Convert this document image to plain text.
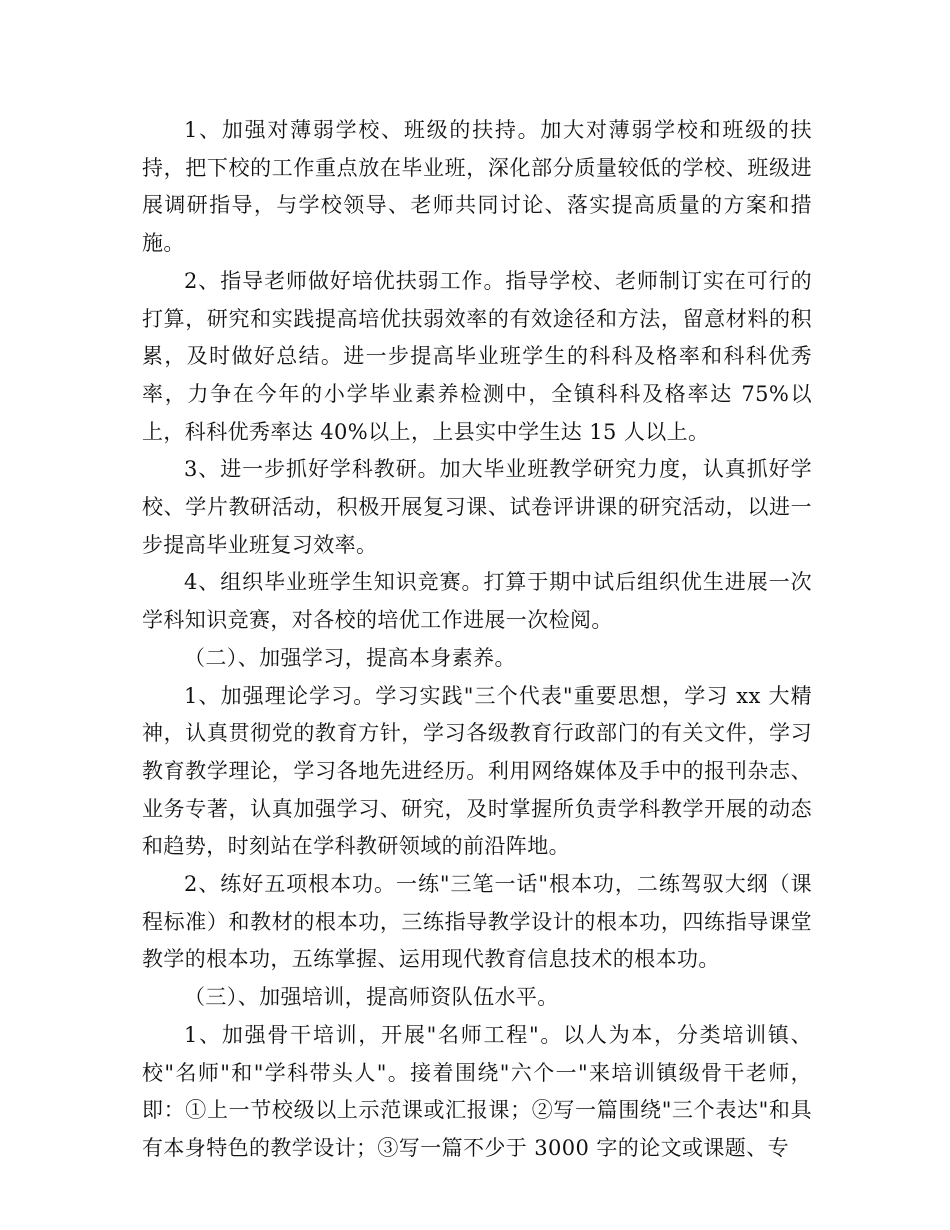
1、加强对薄弱学校、班级的扶持。加大对薄弱学校和班级的扶持，把下校的工作重点放在毕业班，深化部分质量较低的学校、班级进展调研指导，与学校领导、老师共同讨论、落实提高质量的方案和措施。

2、指导老师做好培优扶弱工作。指导学校、老师制订实在可行的打算，研究和实践提高培优扶弱效率的有效途径和方法，留意材料的积累，及时做好总结。进一步提高毕业班学生的科科及格率和科科优秀率，力争在今年的小学毕业素养检测中，全镇科科及格率达 75%以上，科科优秀率达 40%以上，上县实中学生达 15 人以上。

3、进一步抓好学科教研。加大毕业班教学研究力度，认真抓好学校、学片教研活动，积极开展复习课、试卷评讲课的研究活动，以进一步提高毕业班复习效率。

4、组织毕业班学生知识竞赛。打算于期中试后组织优生进展一次学科知识竞赛，对各校的培优工作进展一次检阅。

（二）、加强学习，提高本身素养。

1、加强理论学习。学习实践"三个代表"重要思想，学习 xx 大精神，认真贯彻党的教育方针，学习各级教育行政部门的有关文件，学习教育教学理论，学习各地先进经历。利用网络媒体及手中的报刊杂志、业务专著，认真加强学习、研究，及时掌握所负责学科教学开展的动态和趋势，时刻站在学科教研领域的前沿阵地。

2、练好五项根本功。一练"三笔一话"根本功，二练驾驭大纲（课程标准）和教材的根本功，三练指导教学设计的根本功，四练指导课堂教学的根本功，五练掌握、运用现代教育信息技术的根本功。

（三）、加强培训，提高师资队伍水平。

1、加强骨干培训，开展"名师工程"。以人为本，分类培训镇、校"名师"和"学科带头人"。接着围绕"六个一"来培训镇级骨干老师，即：①上一节校级以上示范课或汇报课；②写一篇围绕"三个表达"和具有本身特色的教学设计；③写一篇不少于 3000 字的论文或课题、专
